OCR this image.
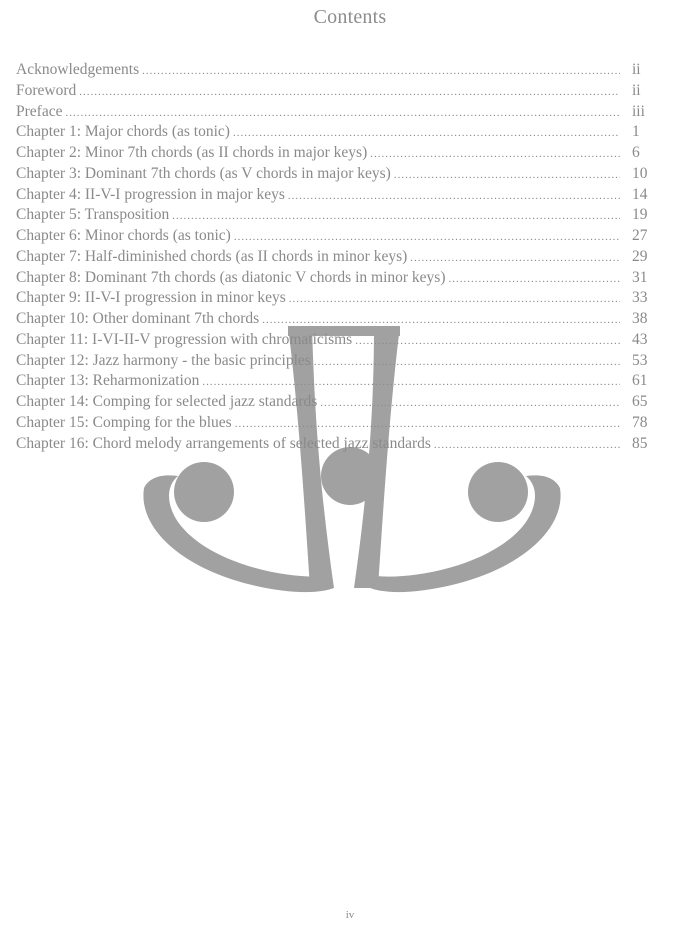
Contents
Acknowledgements .....	ii
Foreword .....	ii
Preface .....	iii
Chapter 1: Major chords (as tonic) .....	1
Chapter 2: Minor 7th chords (as II chords in major keys) .....	6
Chapter 3: Dominant 7th chords (as V chords in major keys) .....	10
Chapter 4: II-V-I progression in major keys .....	14
Chapter 5: Transposition .....	19
Chapter 6: Minor chords (as tonic) .....	27
Chapter 7: Half-diminished chords (as II chords in minor keys) .....	29
Chapter 8: Dominant 7th chords (as diatonic V chords in minor keys) .....	31
Chapter 9: II-V-I progression in minor keys .....	33
Chapter 10: Other dominant 7th chords .....	38
Chapter 11: I-VI-II-V progression with chromaticisms .....	43
Chapter 12: Jazz harmony - the basic principles .....	53
Chapter 13: Reharmonization .....	61
Chapter 14: Comping for selected jazz standards .....	65
Chapter 15: Comping for the blues .....	78
Chapter 16: Chord melody arrangements of selected jazz standards .....	85
iv
